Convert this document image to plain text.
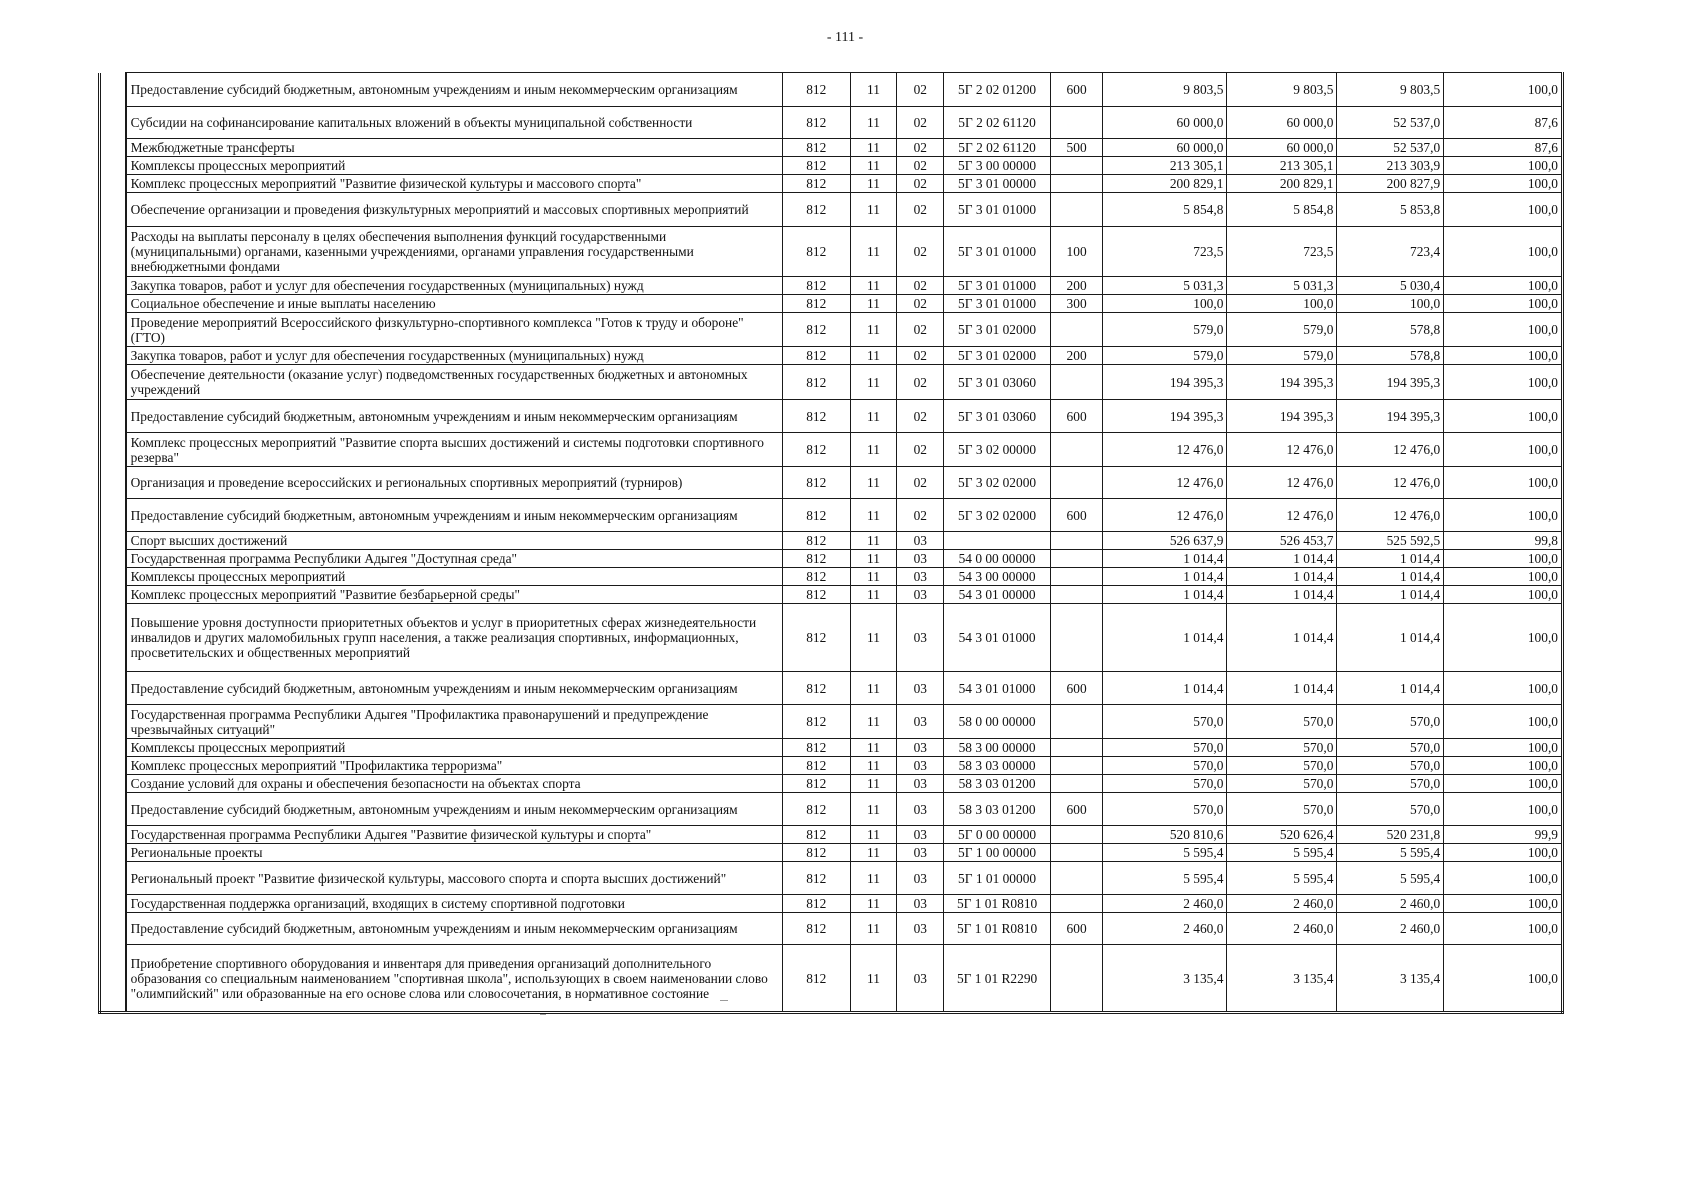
- 111 -
	Предоставление субсидий бюджетным, автономным учреждениям и иным некоммерческим организациям	812	11	02	5Г 2 02 01200	600	9 803,5	9 803,5	9 803,5	100,0
	Субсидии на софинансирование капитальных вложений в объекты муниципальной собственности	812	11	02	5Г 2 02 61120		60 000,0	60 000,0	52 537,0	87,6
	Межбюджетные трансферты	812	11	02	5Г 2 02 61120	500	60 000,0	60 000,0	52 537,0	87,6
	Комплексы процессных мероприятий	812	11	02	5Г 3 00 00000		213 305,1	213 305,1	213 303,9	100,0
	Комплекс процессных мероприятий "Развитие физической культуры и массового спорта"	812	11	02	5Г 3 01 00000		200 829,1	200 829,1	200 827,9	100,0
	Обеспечение организации и проведения физкультурных мероприятий и массовых спортивных мероприятий	812	11	02	5Г 3 01 01000		5 854,8	5 854,8	5 853,8	100,0
	Расходы на выплаты персоналу в целях обеспечения выполнения функций государственными (муниципальными) органами, казенными учреждениями, органами управления государственными внебюджетными фондами	812	11	02	5Г 3 01 01000	100	723,5	723,5	723,4	100,0
	Закупка товаров, работ и услуг для обеспечения государственных (муниципальных) нужд	812	11	02	5Г 3 01 01000	200	5 031,3	5 031,3	5 030,4	100,0
	Социальное обеспечение и иные выплаты населению	812	11	02	5Г 3 01 01000	300	100,0	100,0	100,0	100,0
	Проведение мероприятий Всероссийского физкультурно-спортивного комплекса "Готов к труду и обороне" (ГТО)	812	11	02	5Г 3 01 02000		579,0	579,0	578,8	100,0
	Закупка товаров, работ и услуг для обеспечения государственных (муниципальных) нужд	812	11	02	5Г 3 01 02000	200	579,0	579,0	578,8	100,0
	Обеспечение деятельности (оказание услуг) подведомственных государственных бюджетных и автономных учреждений	812	11	02	5Г 3 01 03060		194 395,3	194 395,3	194 395,3	100,0
	Предоставление субсидий бюджетным, автономным учреждениям и иным некоммерческим организациям	812	11	02	5Г 3 01 03060	600	194 395,3	194 395,3	194 395,3	100,0
	Комплекс процессных мероприятий "Развитие спорта высших достижений и системы подготовки спортивного резерва"	812	11	02	5Г 3 02 00000		12 476,0	12 476,0	12 476,0	100,0
	Организация и проведение всероссийских и региональных спортивных мероприятий (турниров)	812	11	02	5Г 3 02 02000		12 476,0	12 476,0	12 476,0	100,0
	Предоставление субсидий бюджетным, автономным учреждениям и иным некоммерческим организациям	812	11	02	5Г 3 02 02000	600	12 476,0	12 476,0	12 476,0	100,0
	Спорт высших достижений	812	11	03			526 637,9	526 453,7	525 592,5	99,8
	Государственная программа Республики Адыгея "Доступная среда"	812	11	03	54 0 00 00000		1 014,4	1 014,4	1 014,4	100,0
	Комплексы процессных мероприятий	812	11	03	54 3 00 00000		1 014,4	1 014,4	1 014,4	100,0
	Комплекс процессных мероприятий "Развитие безбарьерной среды"	812	11	03	54 3 01 00000		1 014,4	1 014,4	1 014,4	100,0
	Повышение уровня доступности приоритетных объектов и услуг в приоритетных сферах жизнедеятельности инвалидов и других маломобильных групп населения, а также реализация спортивных, информационных, просветительских и общественных мероприятий	812	11	03	54 3 01 01000		1 014,4	1 014,4	1 014,4	100,0
	Предоставление субсидий бюджетным, автономным учреждениям и иным некоммерческим организациям	812	11	03	54 3 01 01000	600	1 014,4	1 014,4	1 014,4	100,0
	Государственная программа Республики Адыгея "Профилактика правонарушений и предупреждение чрезвычайных ситуаций"	812	11	03	58 0 00 00000		570,0	570,0	570,0	100,0
	Комплексы процессных мероприятий	812	11	03	58 3 00 00000		570,0	570,0	570,0	100,0
	Комплекс процессных мероприятий "Профилактика терроризма"	812	11	03	58 3 03 00000		570,0	570,0	570,0	100,0
	Создание условий для охраны и обеспечения безопасности на объектах спорта	812	11	03	58 3 03 01200		570,0	570,0	570,0	100,0
	Предоставление субсидий бюджетным, автономным учреждениям и иным некоммерческим организациям	812	11	03	58 3 03 01200	600	570,0	570,0	570,0	100,0
	Государственная программа Республики Адыгея "Развитие физической культуры и спорта"	812	11	03	5Г 0 00 00000		520 810,6	520 626,4	520 231,8	99,9
	Региональные проекты	812	11	03	5Г 1 00 00000		5 595,4	5 595,4	5 595,4	100,0
	Региональный проект "Развитие физической культуры, массового спорта и спорта высших достижений"	812	11	03	5Г 1 01 00000		5 595,4	5 595,4	5 595,4	100,0
	Государственная поддержка организаций, входящих в систему спортивной подготовки	812	11	03	5Г 1 01 R0810		2 460,0	2 460,0	2 460,0	100,0
	Предоставление субсидий бюджетным, автономным учреждениям и иным некоммерческим организациям	812	11	03	5Г 1 01 R0810	600	2 460,0	2 460,0	2 460,0	100,0
	Приобретение спортивного оборудования и инвентаря для приведения организаций дополнительного образования со специальным наименованием "спортивная школа", использующих в своем наименовании слово "олимпийский" или образованные на его основе слова или словосочетания, в нормативное состояние	812	11	03	5Г 1 01 R2290		3 135,4	3 135,4	3 135,4	100,0
